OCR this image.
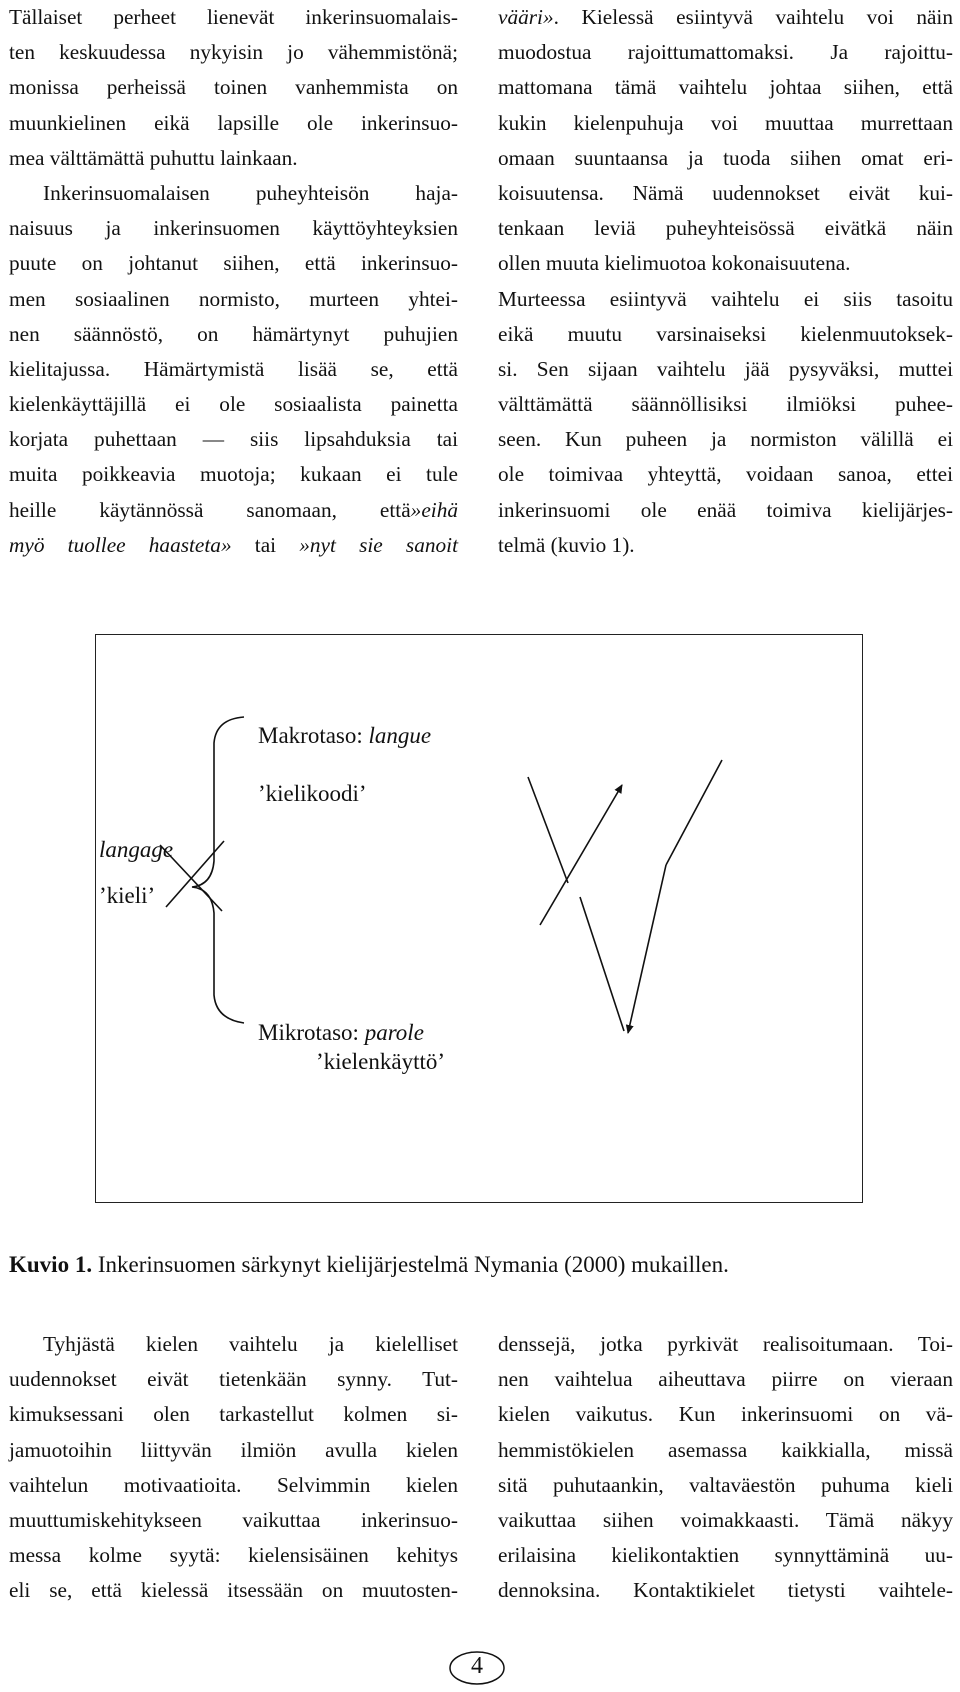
Tällaiset perheet lienevät inkerinsuomalais-
ten keskuudessa nykyisin jo vähemmistönä;
monissa perheissä toinen vanhemmista on
muunkielinen eikä lapsille ole inkerinsuo-
mea välttämättä puhuttu lainkaan.
Inkerinsuomalaisen puheyhteisön haja-
naisuus ja inkerinsuomen käyttöyhteyksien
puute on johtanut siihen, että inkerinsuo-
men sosiaalinen normisto, murteen yhtei-
nen säännöstö, on hämärtynyt puhujien
kielitajussa. Hämärtymistä lisää se, että
kielenkäyttäjillä ei ole sosiaalista painetta
korjata puhettaan — siis lipsahduksia tai
muita poikkeavia muotoja; kukaan ei tule
heille käytännössä sanomaan, että»eihä
myö tuollee haasteta» tai »nyt sie sanoit
väärі». Kielessä esiintyvä vaihtelu voi näin
muodostua rajoittumattomaksi. Ja rajoittu-
mattomana tämä vaihtelu johtaa siihen, että
kukin kielenpuhuja voi muuttaa murrettaan
omaan suuntaansa ja tuoda siihen omat eri-
koisuutensa. Nämä uudennokset eivät kui-
tenkaan leviä puheyhteisössä eivätkä näin
ollen muuta kielimuotoa kokonaisuutena.
Murteessa esiintyvä vaihtelu ei siis tasoitu
eikä muutu varsinaiseksi kielenmuutoksek-
si. Sen sijaan vaihtelu jää pysyväksi, muttei
välttämättä säännöllisiksi ilmiöksi puhee-
seen. Kun puheen ja normiston välillä ei
ole toimivaa yhteyttä, voidaan sanoa, ettei
inkerinsuomi ole enää toimiva kielijärjes-
telmä (kuvio 1).
Makrotaso: langue
’kielikoodi’
langage
’kieli’
Mikrotaso: parole
’kielenkäyttö’
Kuvio 1. Inkerinsuomen särkynyt kielijärjestelmä Nymania (2000) mukaillen.
Tyhjästä kielen vaihtelu ja kielelliset
uudennokset eivät tietenkään synny. Tut-
kimuksessani olen tarkastellut kolmen si-
jamuotoihin liittyvän ilmiön avulla kielen
vaihtelun motivaatioita. Selvimmin kielen
muuttumiskehitykseen vaikuttaa inkerinsuo-
messa kolme syytä: kielensisäinen kehitys
eli se, että kielessä itsessään on muutosten-
denssejä, jotka pyrkivät realisoitumaan. Toi-
nen vaihtelua aiheuttava piirre on vieraan
kielen vaikutus. Kun inkerinsuomi on vä-
hemmistökielen asemassa kaikkialla, missä
sitä puhutaankin, valtaväestön puhuma kieli
vaikuttaa siihen voimakkaasti. Tämä näkyy
erilaisina kielikontaktien synnyttäminä uu-
dennoksina. Kontaktikielet tietysti vaihtele-
4
